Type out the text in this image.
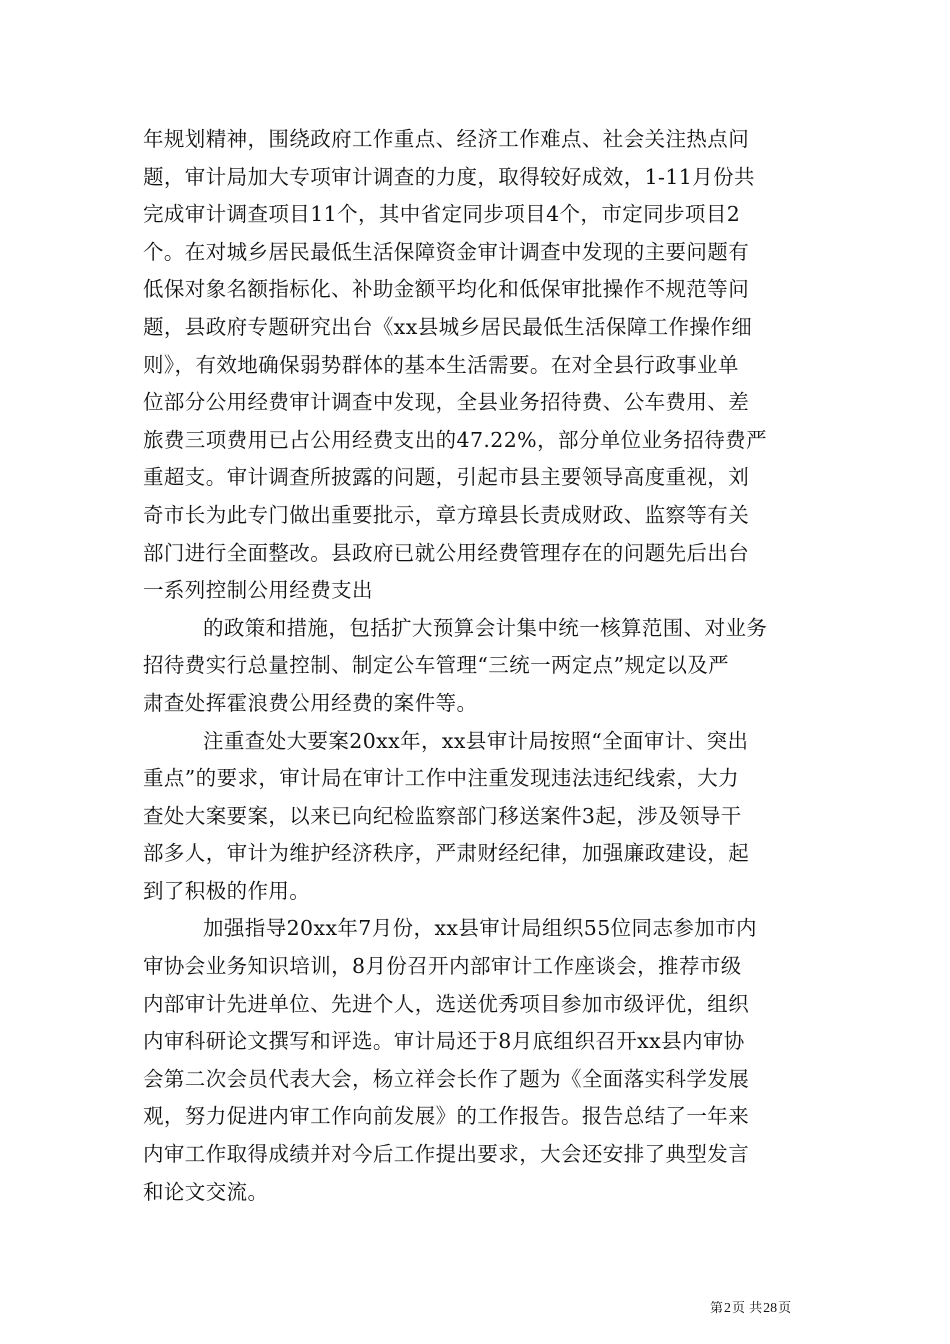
年规划精神，围绕政府工作重点、经济工作难点、社会关注热点问
题，审计局加大专项审计调查的力度，取得较好成效，1-11月份共
完成审计调查项目11个，其中省定同步项目4个，市定同步项目2
个。在对城乡居民最低生活保障资金审计调查中发现的主要问题有
低保对象名额指标化、补助金额平均化和低保审批操作不规范等问
题，县政府专题研究出台《xx县城乡居民最低生活保障工作操作细
则》，有效地确保弱势群体的基本生活需要。在对全县行政事业单
位部分公用经费审计调查中发现，全县业务招待费、公车费用、差
旅费三项费用已占公用经费支出的47.22%，部分单位业务招待费严
重超支。审计调查所披露的问题，引起市县主要领导高度重视，刘
奇市长为此专门做出重要批示，章方璋县长责成财政、监察等有关
部门进行全面整改。县政府已就公用经费管理存在的问题先后出台
一系列控制公用经费支出
的政策和措施，包括扩大预算会计集中统一核算范围、对业务
招待费实行总量控制、制定公车管理“三统一两定点”规定以及严
肃查处挥霍浪费公用经费的案件等。
注重查处大要案20xx年，xx县审计局按照“全面审计、突出
重点”的要求，审计局在审计工作中注重发现违法违纪线索，大力
查处大案要案，以来已向纪检监察部门移送案件3起，涉及领导干
部多人，审计为维护经济秩序，严肃财经纪律，加强廉政建设，起
到了积极的作用。
加强指导20xx年7月份，xx县审计局组织55位同志参加市内
审协会业务知识培训，8月份召开内部审计工作座谈会，推荐市级
内部审计先进单位、先进个人，选送优秀项目参加市级评优，组织
内审科研论文撰写和评选。审计局还于8月底组织召开xx县内审协
会第二次会员代表大会，杨立祥会长作了题为《全面落实科学发展
观，努力促进内审工作向前发展》的工作报告。报告总结了一年来
内审工作取得成绩并对今后工作提出要求，大会还安排了典型发言
和论文交流。
第2页 共28页
